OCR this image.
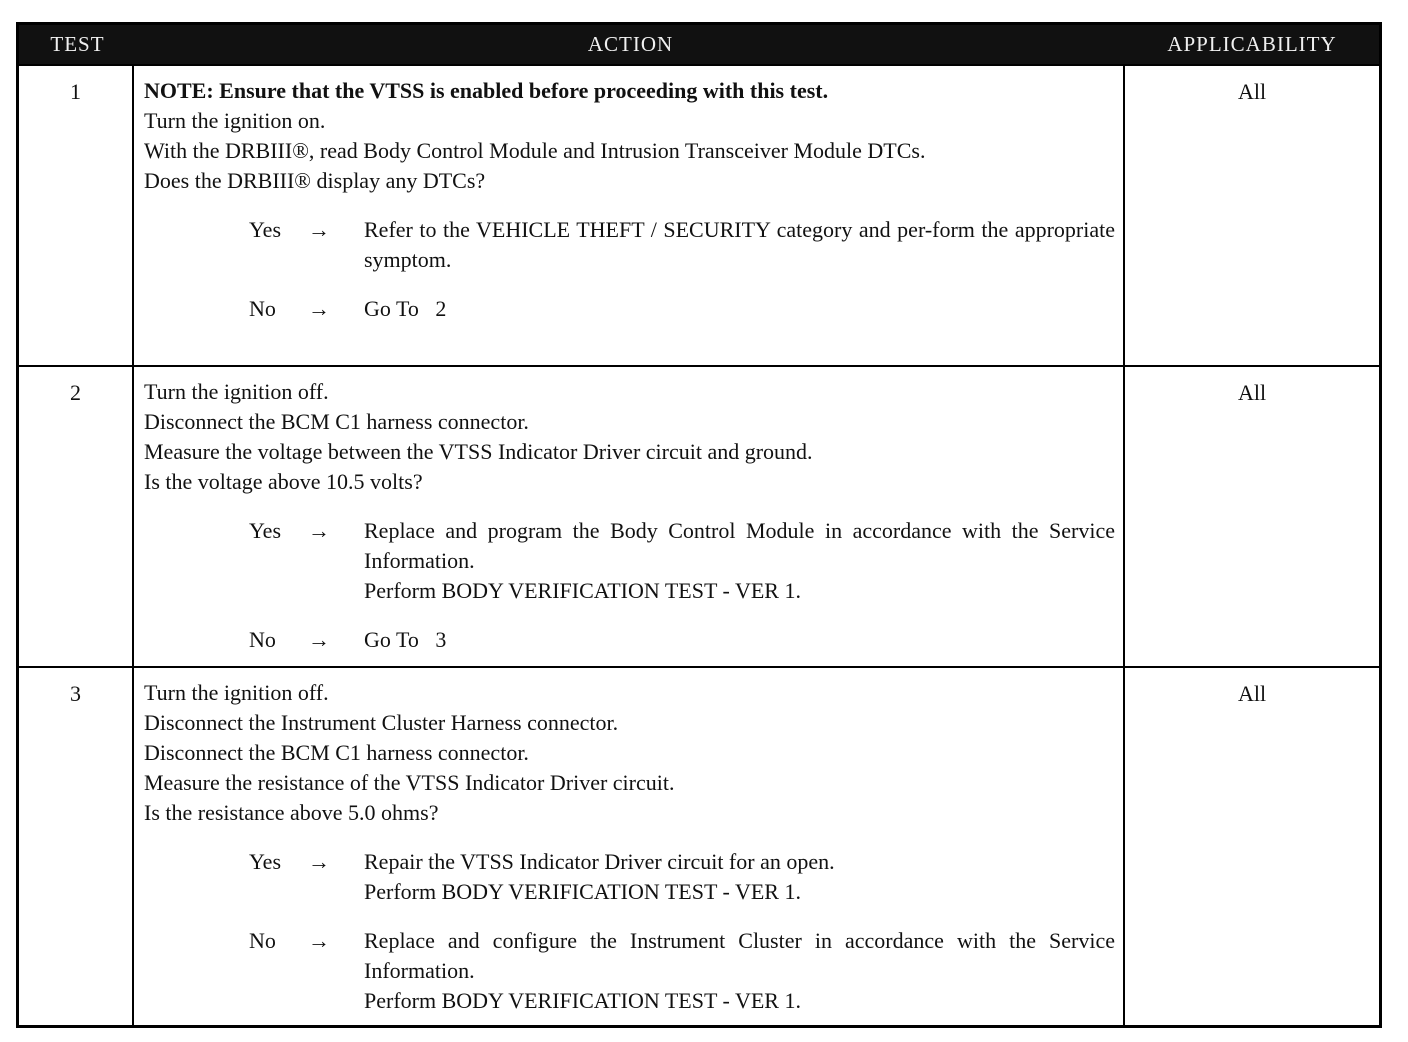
TEST	ACTION	APPLICABILITY
1	NOTE: Ensure that the VTSS is enabled before proceeding with this test.
Turn the ignition on.
With the DRBIII®, read Body Control Module and Intrusion Transceiver Module DTCs.
Does the DRBIII® display any DTCs?
Yes	→	Refer to the VEHICLE THEFT / SECURITY category and per-form the appropriate symptom.
No	→	Go To   2
All
2	Turn the ignition off.
Disconnect the BCM C1 harness connector.
Measure the voltage between the VTSS Indicator Driver circuit and ground.
Is the voltage above 10.5 volts?
Yes	→	Replace and program the Body Control Module in accordance with the Service Information.
Perform BODY VERIFICATION TEST - VER 1.
No	→	Go To   3
All
3	Turn the ignition off.
Disconnect the Instrument Cluster Harness connector.
Disconnect the BCM C1 harness connector.
Measure the resistance of the VTSS Indicator Driver circuit.
Is the resistance above 5.0 ohms?
Yes	→	Repair the VTSS Indicator Driver circuit for an open.
Perform BODY VERIFICATION TEST - VER 1.
No	→	Replace and configure the Instrument Cluster in accordance with the Service Information.
Perform BODY VERIFICATION TEST - VER 1.
All
